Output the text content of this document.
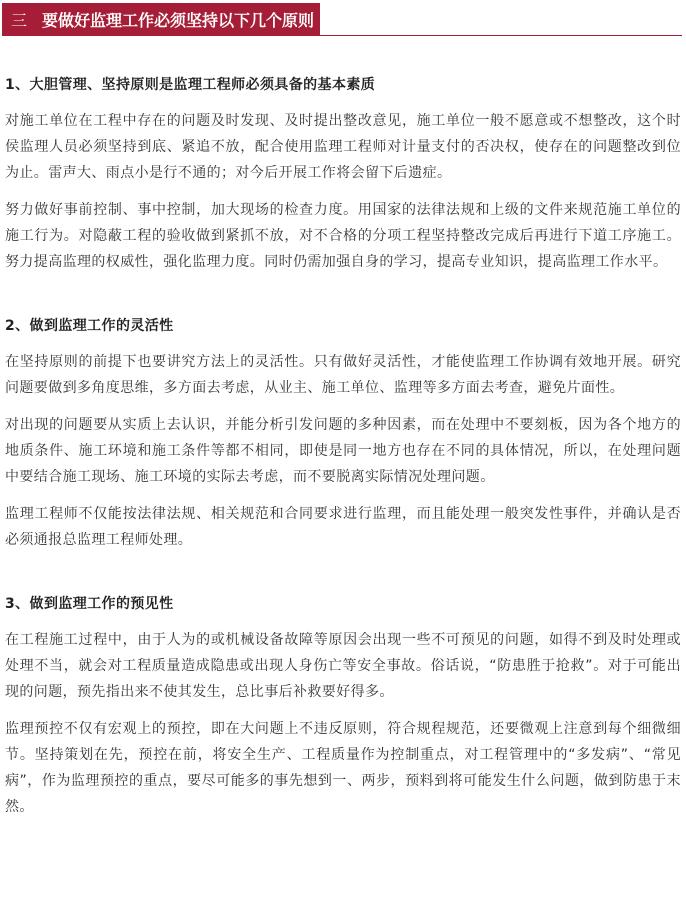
三 要做好监理工作必须坚持以下几个原则
1、大胆管理、坚持原则是监理工程师必须具备的基本素质

对施工单位在工程中存在的问题及时发现、及时提出整改意见，施工单位一般不愿意或不想整改，这个时侯监理人员必须坚持到底、紧追不放，配合使用监理工程师对计量支付的否决权，使存在的问题整改到位为止。雷声大、雨点小是行不通的；对今后开展工作将会留下后遗症。

努力做好事前控制、事中控制，加大现场的检查力度。用国家的法律法规和上级的文件来规范施工单位的施工行为。对隐蔽工程的验收做到紧抓不放，对不合格的分项工程坚持整改完成后再进行下道工序施工。努力提高监理的权威性，强化监理力度。同时仍需加强自身的学习，提高专业知识，提高监理工作水平。

2、做到监理工作的灵活性

在坚持原则的前提下也要讲究方法上的灵活性。只有做好灵活性，才能使监理工作协调有效地开展。研究问题要做到多角度思维，多方面去考虑，从业主、施工单位、监理等多方面去考查，避免片面性。

对出现的问题要从实质上去认识，并能分析引发问题的多种因素，而在处理中不要刻板，因为各个地方的地质条件、施工环境和施工条件等都不相同，即使是同一地方也存在不同的具体情况，所以，在处理问题中要结合施工现场、施工环境的实际去考虑，而不要脱离实际情况处理问题。

监理工程师不仅能按法律法规、相关规范和合同要求进行监理，而且能处理一般突发性事件，并确认是否必须通报总监理工程师处理。

3、做到监理工作的预见性

在工程施工过程中，由于人为的或机械设备故障等原因会出现一些不可预见的问题，如得不到及时处理或处理不当，就会对工程质量造成隐患或出现人身伤亡等安全事故。俗话说，“防患胜于抢救”。对于可能出现的问题，预先指出来不使其发生，总比事后补救要好得多。

监理预控不仅有宏观上的预控，即在大问题上不违反原则，符合规程规范，还要微观上注意到每个细微细节。坚持策划在先，预控在前，将安全生产、工程质量作为控制重点，对工程管理中的“多发病”、“常见病”，作为监理预控的重点，要尽可能多的事先想到一、两步，预料到将可能发生什么问题，做到防患于末然。
